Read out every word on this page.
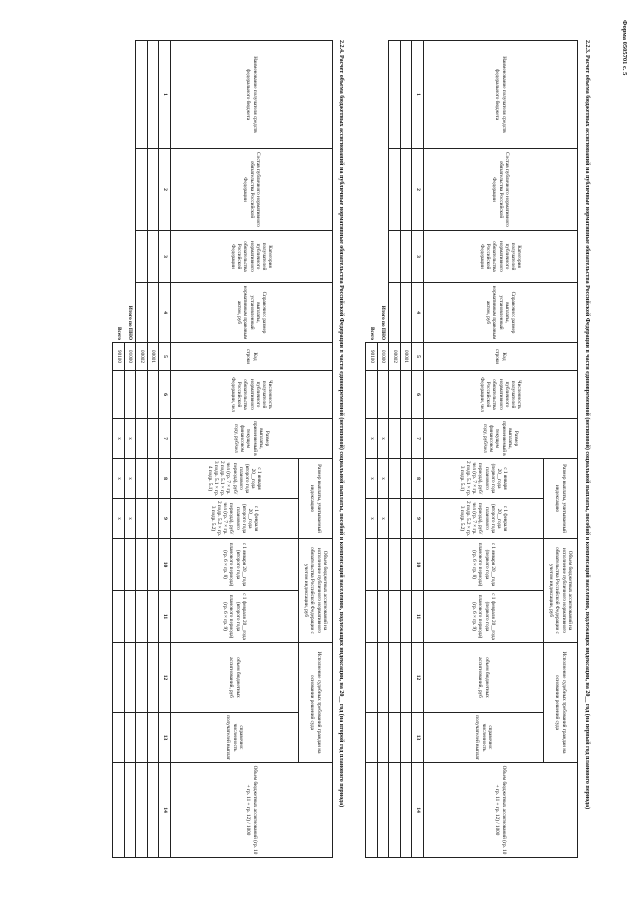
Форма 0505701 с. 5
2.2.3. Расчет объема бюджетных ассигнований на публичные нормативные обязательства Российской Федерации в части единовременной (нетиповой) социальной выплаты, пособий и компенсаций населению, подлежащих индексации, на 20__ год (на первый год планового периода)
Наименование получателя средств федерального бюджета	Состав публичного нормативного обязательства Российской Федерации	Категория получателей публичного нормативного обязательства Российской Федерации	Справочно: размер выплаты, установленный нормативным правовым актом, руб	Код строки	Численность получателей публичного нормативного обязательства Российской Федерации, чел	Размер выплаты, применяемый в текущем финансовом году, руб/чел	Размер выплаты, учитываемый индексацию		Объем бюджетных ассигнований на исполнение публичного нормативного обязательства Российской Федерации с учетом индексации, руб		Исполнение судебных требований граждан на основании решений суда		Объем бюджетных ассигнований (гр. 10 + гр. 11 + гр. 12) / 1000
							с 1 января 20__года (первого года планового периода), руб/чел (гр. 7 × гр. 2 подр. 5.1 × гр. 3 подр. 5.1)	с 1 февраля 20__года (второго года планового периода), руб/чел (гр. 7 × гр. 2 подр. 5.2 × гр. 3 подр. 5.2)	с 1 января 20__года (первого года планового периода) (гр. 6 × гр. 8)	с 1 февраля 20__года (первого года планового периода) (гр. 6 × гр. 9)	объем бюджетных ассигнований, руб	справочно: численность получателей выплат	
1	2	3	4	5	6	7	8	9	10	11	12	13	14
				00001									
				00002									
Итого по ПНО				01000		x	x	x					
Всего				90100		x	x	x					
2.2.4. Расчет объема бюджетных ассигнований на публичные нормативные обязательства Российской Федерации в части единовременной (нетиповой) социальной выплаты, пособий и компенсаций населению, подлежащих индексации, на 20__ год (на второй год планового периода)
Наименование получателя средств федерального бюджета	Состав публичного нормативного обязательства Российской Федерации	Категория получателей публичного нормативного обязательства Российской Федерации	Справочно: размер выплаты, установленный нормативным правовым актом, руб	Код строки	Численность получателей публичного нормативного обязательства Российской Федерации, чел	Размер выплаты, применяемый в текущем финансовом году, руб/чел	Размер выплаты, учитываемый индексацию		Объем бюджетных ассигнований на исполнение публичного нормативного обязательства Российской Федерации с учетом индексации, руб		Исполнение судебных требований граждан на основании решений суда		Объем бюджетных ассигнований (гр. 10 + гр. 11 + гр. 12) / 1000
							с 1 января 20__года (второго года планового периода), руб/чел (гр. 7 × гр. 2 подр. 5.1 × гр. 3 подр. 5.1 × гр. 4 подр. 5.1)	с 1 февраля 20__года (второго года планового периода), руб/чел (гр. 7 × гр. 2 подр. 5.2 × гр. 3 подр. 5.2)	с 1 января 20__года (второго года планового периода) (гр. 6 × гр. 8)	с 1 февраля 20__года (второго года планового периода) (гр. 6 × гр. 9)	объем бюджетных ассигнований, руб	справочно: численность получателей выплат	
1	2	3	4	5	6	7	8	9	10	11	12	13	14
				00001									
				00002									
Итого по ПНО				01000		x	x	x					
Всего				90100		x	x	x					
